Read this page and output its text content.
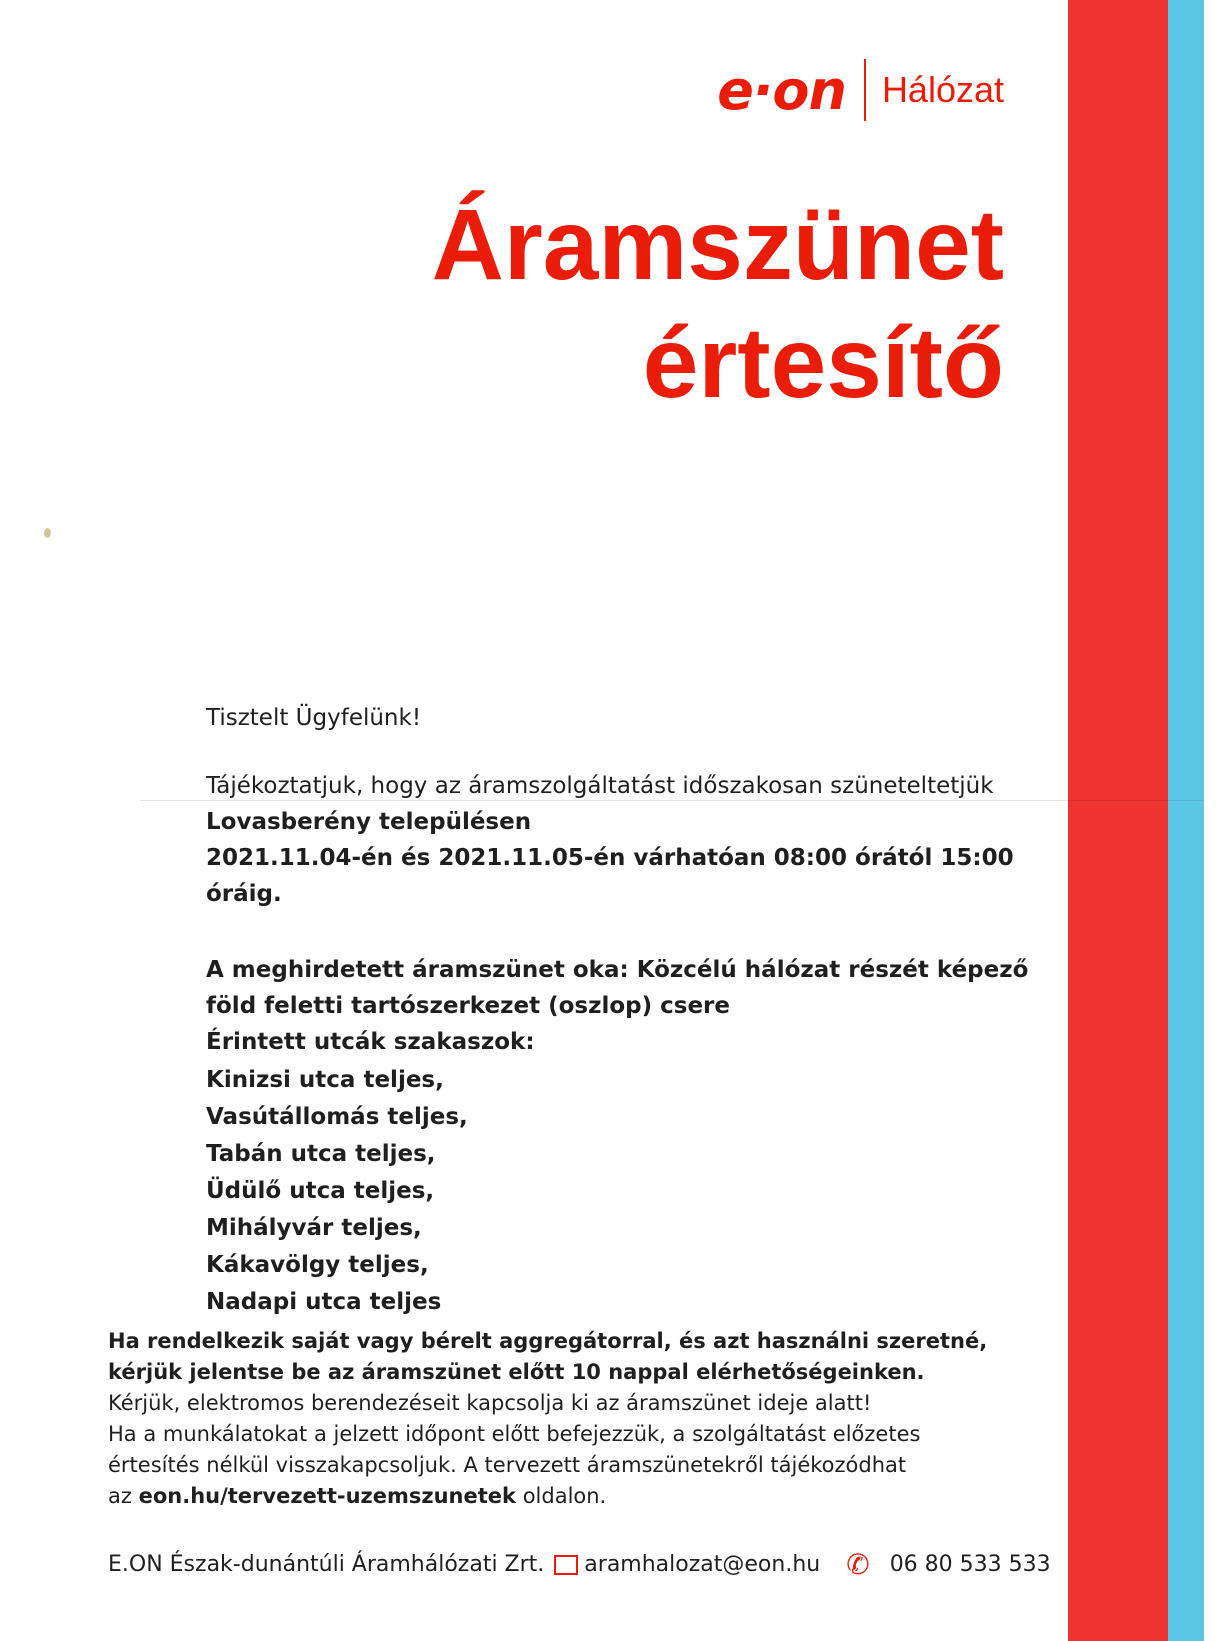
e·on Hálózat
Áramszünet
értesítő
Tisztelt Ügyfelünk!
Tájékoztatjuk, hogy az áramszolgáltatást időszakosan szüneteltetjük
Lovasberény településen
2021.11.04-én és 2021.11.05-én várhatóan 08:00 órától 15:00 óráig.
A meghirdetett áramszünet oka: Közcélú hálózat részét képező föld feletti tartószerkezet (oszlop) csere
Érintett utcák szakaszok:
Kinizsi utca teljes,
Vasútállomás teljes,
Tabán utca teljes,
Üdülő utca teljes,
Mihályvár teljes,
Kákavölgy teljes,
Nadapi utca teljes
Ha rendelkezik saját vagy bérelt aggregátorral, és azt használni szeretné, kérjük jelentse be az áramszünet előtt 10 nappal elérhetőségeinken.
Kérjük, elektromos berendezéseit kapcsolja ki az áramszünet ideje alatt!
Ha a munkálatokat a jelzett időpont előtt befejezzük, a szolgáltatást előzetes értesítés nélkül visszakapcsoljuk. A tervezett áramszünetekről tájékozódhat
az eon.hu/tervezett-uzemszunetek oldalon.
E.ON Észak-dunántúli Áramhálózati Zrt. aramhalozat@eon.hu ✆ 06 80 533 533
